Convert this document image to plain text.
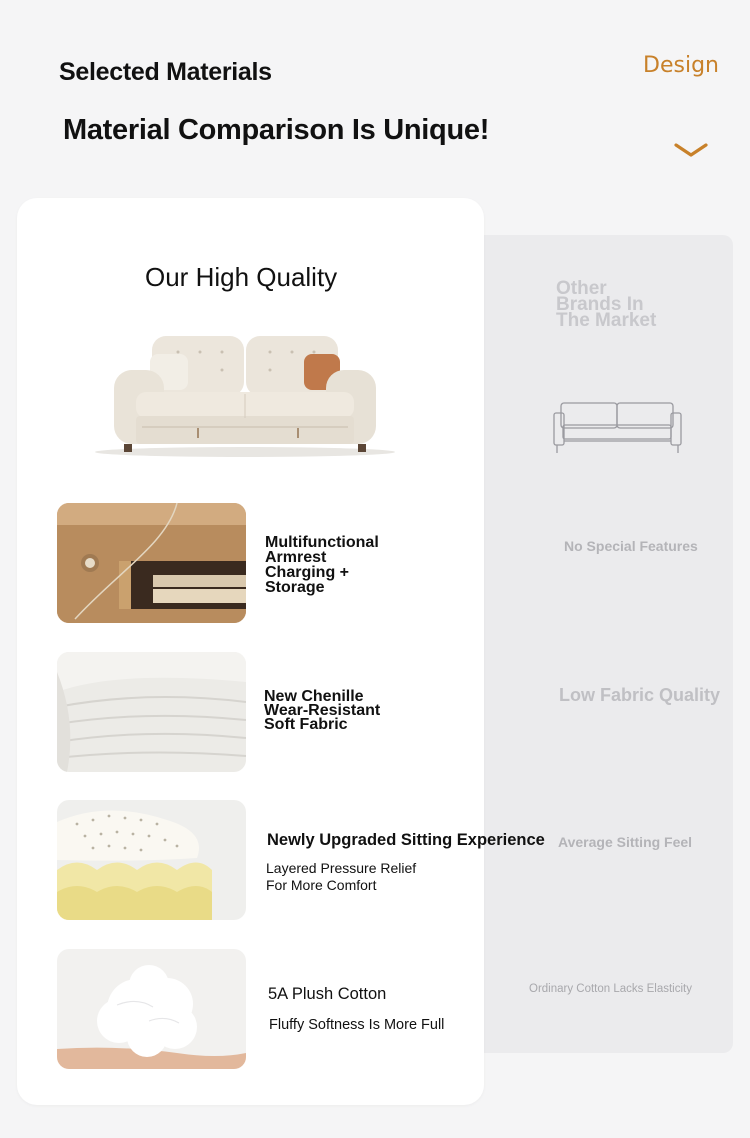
Selected Materials
Material Comparison Is Unique!
Design
Other
Brands In
The Market
No Special Features
Low Fabric Quality
Average Sitting Feel
Ordinary Cotton Lacks Elasticity
Our High Quality
Multifunctional
Armrest
Charging +
Storage
New Chenille
Wear-Resistant
Soft Fabric
Newly Upgraded Sitting Experience
Layered Pressure Relief
For More Comfort
5A Plush Cotton
Fluffy Softness Is More Full
